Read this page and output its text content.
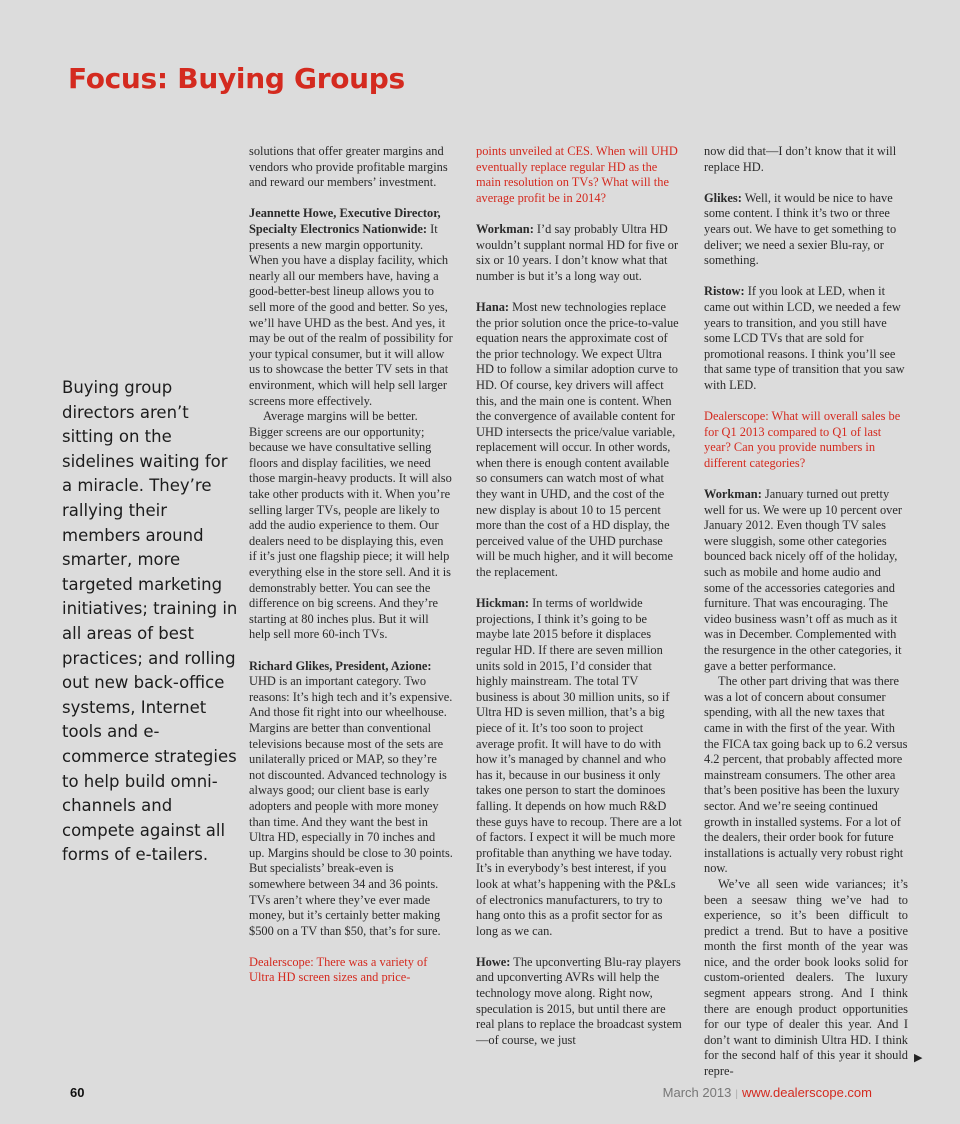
Focus: Buying Groups
Buying group directors aren’t sitting on the sidelines waiting for a miracle. They’re rallying their members around smarter, more targeted marketing initiatives; training in all areas of best practices; and rolling out new back-office systems, Internet tools and e-commerce strategies to help build omni-channels and compete against all forms of e-tailers.

solutions that offer greater margins and vendors who provide profitable margins and reward our members’ investment.

Jeannette Howe, Executive Director, Specialty Electronics Nationwide: It presents a new margin opportunity. When you have a display facility, which nearly all our members have, having a good-better-best lineup allows you to sell more of the good and better. So yes, we’ll have UHD as the best. And yes, it may be out of the realm of possibility for your typical consumer, but it will allow us to showcase the better TV sets in that environment, which will help sell larger screens more effectively.

Average margins will be better. Bigger screens are our opportunity; because we have consultative selling floors and display facilities, we need those margin-heavy products. It will also take other products with it. When you’re selling larger TVs, people are likely to add the audio experience to them. Our dealers need to be displaying this, even if it’s just one flagship piece; it will help everything else in the store sell. And it is demonstrably better. You can see the difference on big screens. And they’re starting at 80 inches plus. But it will help sell more 60-inch TVs.

Richard Glikes, President, Azione: UHD is an important category. Two reasons: It’s high tech and it’s expensive. And those fit right into our wheelhouse. Margins are better than conventional televisions because most of the sets are unilaterally priced or MAP, so they’re not discounted. Advanced technology is always good; our client base is early adopters and people with more money than time. And they want the best in Ultra HD, especially in 70 inches and up. Margins should be close to 30 points. But specialists’ break-even is somewhere between 34 and 36 points. TVs aren’t where they’ve ever made money, but it’s certainly better making $500 on a TV than $50, that’s for sure.

Dealerscope: There was a variety of Ultra HD screen sizes and price-

points unveiled at CES. When will UHD eventually replace regular HD as the main resolution on TVs? What will the average profit be in 2014?

Workman: I’d say probably Ultra HD wouldn’t supplant normal HD for five or six or 10 years. I don’t know what that number is but it’s a long way out.

Hana: Most new technologies replace the prior solution once the price-to-value equation nears the approximate cost of the prior technology. We expect Ultra HD to follow a similar adoption curve to HD. Of course, key drivers will affect this, and the main one is content. When the convergence of available content for UHD intersects the price/value variable, replacement will occur. In other words, when there is enough content available so consumers can watch most of what they want in UHD, and the cost of the new display is about 10 to 15 percent more than the cost of a HD display, the perceived value of the UHD purchase will be much higher, and it will become the replacement.

Hickman: In terms of worldwide projections, I think it’s going to be maybe late 2015 before it displaces regular HD. If there are seven million units sold in 2015, I’d consider that highly mainstream. The total TV business is about 30 million units, so if Ultra HD is seven million, that’s a big piece of it. It’s too soon to project average profit. It will have to do with how it’s managed by channel and who has it, because in our business it only takes one person to start the dominoes falling. It depends on how much R&D these guys have to recoup. There are a lot of factors. I expect it will be much more profitable than anything we have today. It’s in everybody’s best interest, if you look at what’s happening with the P&Ls of electronics manufacturers, to try to hang onto this as a profit sector for as long as we can.

Howe: The upconverting Blu-ray players and upconverting AVRs will help the technology move along. Right now, speculation is 2015, but until there are real plans to replace the broadcast system—of course, we just

now did that—I don’t know that it will replace HD.

Glikes: Well, it would be nice to have some content. I think it’s two or three years out. We have to get something to deliver; we need a sexier Blu-ray, or something.

Ristow: If you look at LED, when it came out within LCD, we needed a few years to transition, and you still have some LCD TVs that are sold for promotional reasons. I think you’ll see that same type of transition that you saw with LED.

Dealerscope: What will overall sales be for Q1 2013 compared to Q1 of last year? Can you provide numbers in different categories?

Workman: January turned out pretty well for us. We were up 10 percent over January 2012. Even though TV sales were sluggish, some other categories bounced back nicely off of the holiday, such as mobile and home audio and some of the accessories categories and furniture. That was encouraging. The video business wasn’t off as much as it was in December. Complemented with the resurgence in the other categories, it gave a better performance.

The other part driving that was there was a lot of concern about consumer spending, with all the new taxes that came in with the first of the year. With the FICA tax going back up to 6.2 versus 4.2 percent, that probably affected more mainstream consumers. The other area that’s been positive has been the luxury sector. And we’re seeing continued growth in installed systems. For a lot of the dealers, their order book for future installations is actually very robust right now.

We’ve all seen wide variances; it’s been a seesaw thing we’ve had to experience, so it’s been difficult to predict a trend. But to have a positive month the first month of the year was nice, and the order book looks solid for custom-oriented dealers. The luxury segment appears strong. And I think there are enough product opportunities for our type of dealer this year. And I don’t want to diminish Ultra HD. I think for the second half of this year it should repre-

▶
60	March 2013 | www.dealerscope.com
